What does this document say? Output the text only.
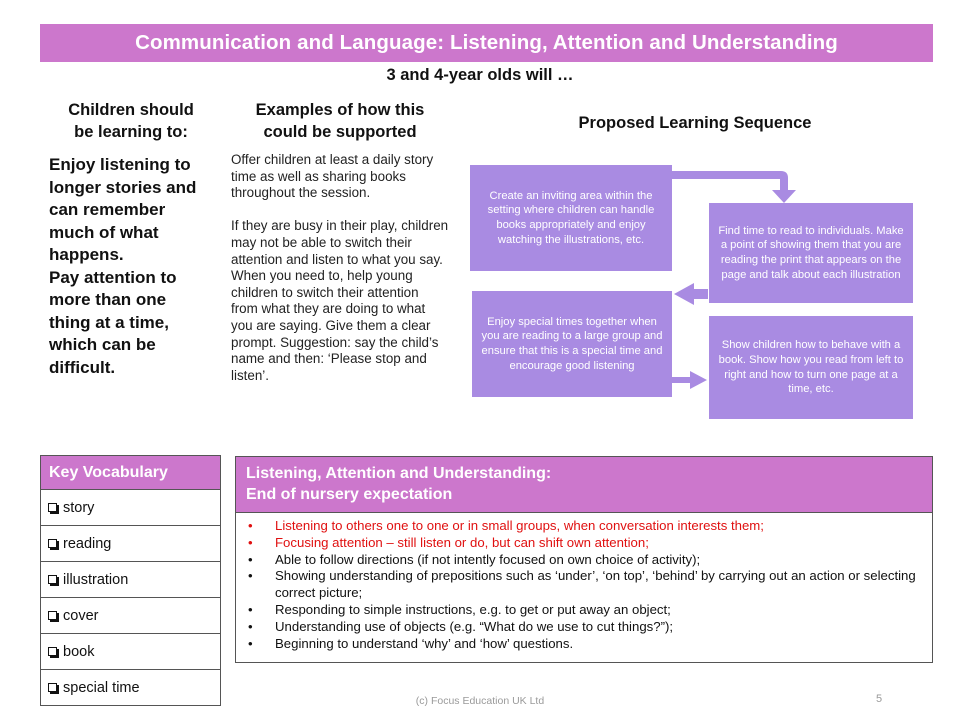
Communication and Language: Listening, Attention and Understanding
3 and 4-year olds will …
Children should
be learning to:
Examples of how this
could be supported	Proposed Learning Sequence
Enjoy listening to
longer stories and
can remember
much of what
happens.
Pay attention to
more than one
thing at a time,
which can be
difficult.

Offer children at least a daily story time as well as sharing books throughout the session.

If they are busy in their play, children may not be able to switch their attention and listen to what you say. When you need to, help young children to switch their attention from what they are doing to what you are saying. Give them a clear prompt. Suggestion: say the child’s name and then: ‘Please stop and listen’.

Create an inviting area within the setting where children can handle books appropriately and enjoy watching the illustrations, etc.
Find time to read to individuals. Make a point of showing them that you are reading the print that appears on the page and talk about each illustration
Enjoy special times together when you are reading to a large group and ensure that this is a special time and encourage good listening
Show children how to behave with a book. Show how you read from left to right and how to turn one page at a time, etc.
Key Vocabulary
story
reading
illustration
cover
book
special time
Listening, Attention and Understanding:
End of nursery expectation
• Listening to others one to one or in small groups, when conversation interests them;
• Focusing attention – still listen or do, but can shift own attention;
• Able to follow directions (if not intently focused on own choice of activity);
• Showing understanding of prepositions such as ‘under’, ‘on top’, ‘behind’ by carrying out an action or selecting correct picture;
• Responding to simple instructions, e.g. to get or put away an object;
• Understanding use of objects (e.g. “What do we use to cut things?”);
• Beginning to understand ‘why’ and ‘how’ questions.
(c) Focus Education UK Ltd	5
